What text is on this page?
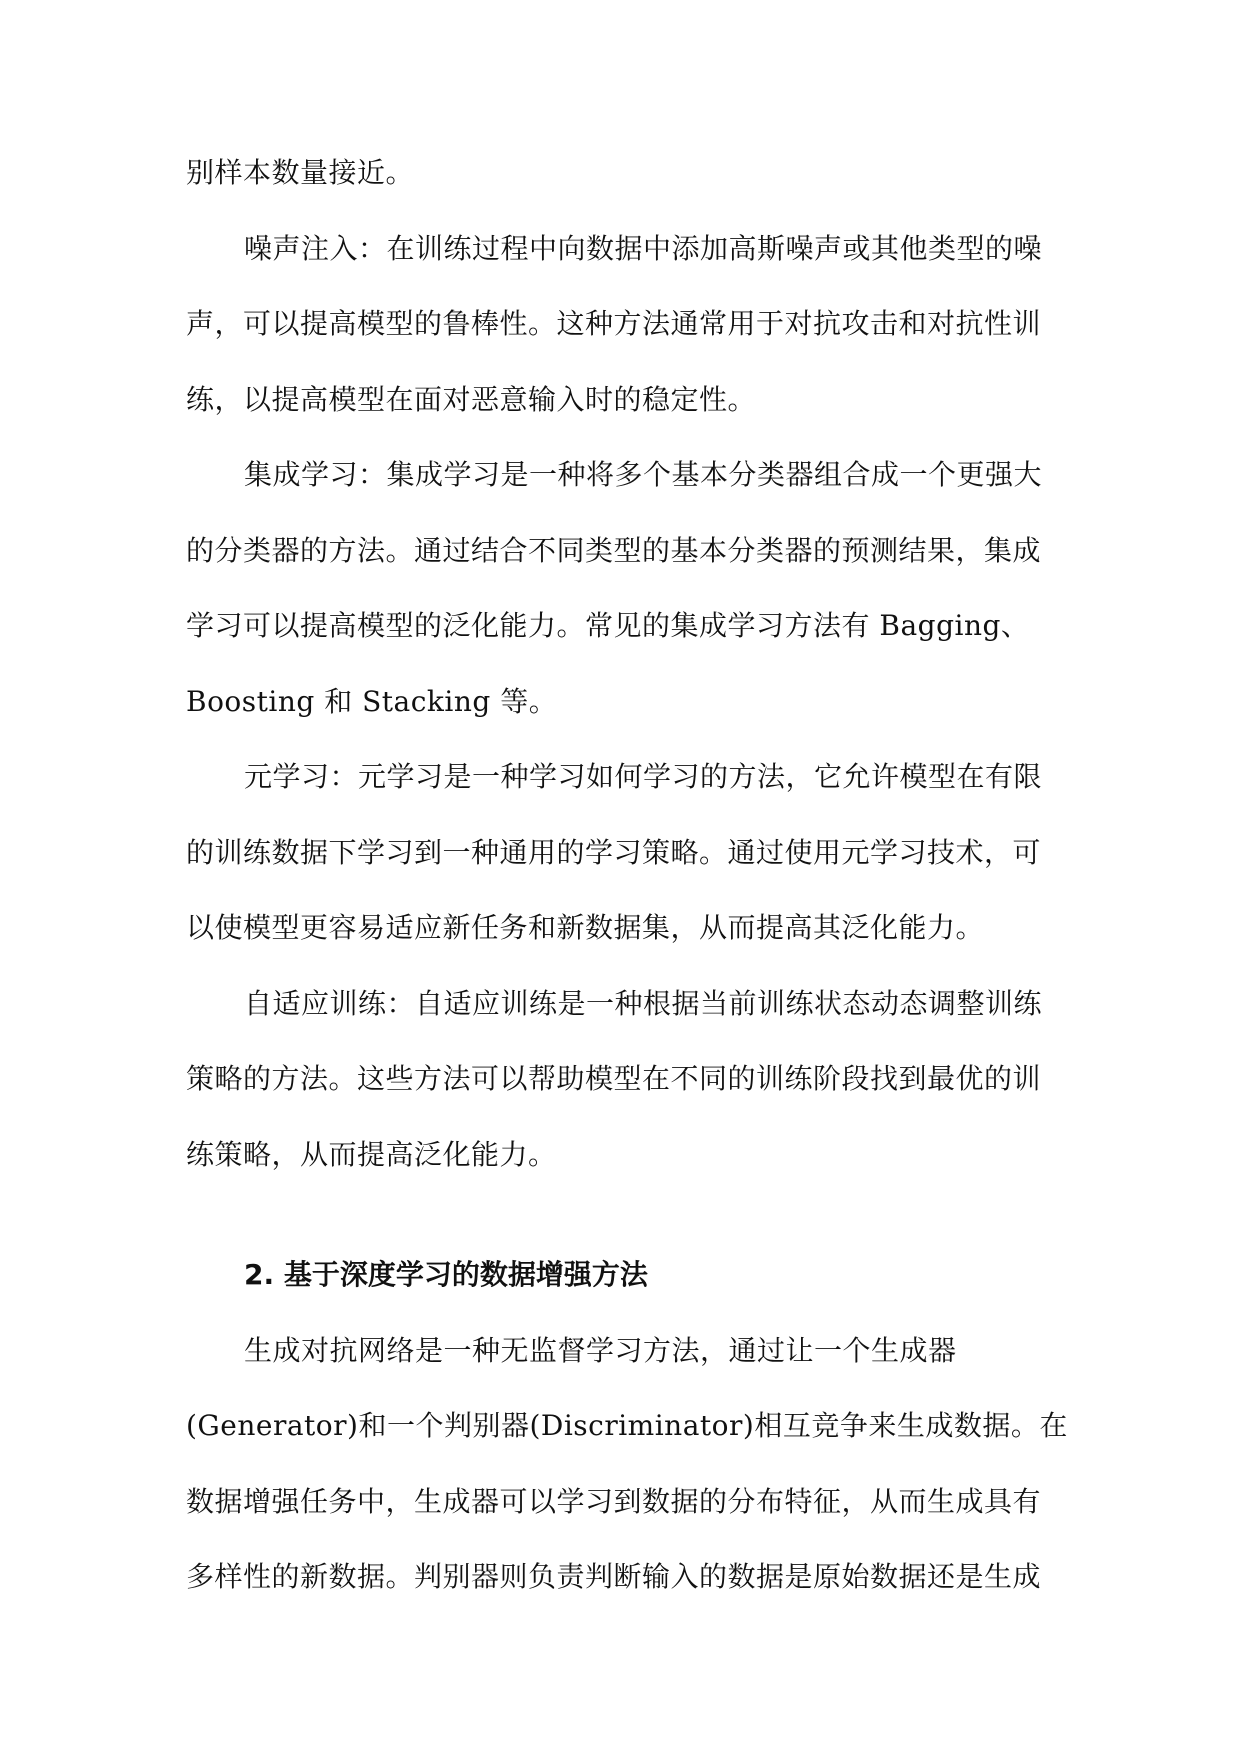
别样本数量接近。
噪声注入：在训练过程中向数据中添加高斯噪声或其他类型的噪
声，可以提高模型的鲁棒性。这种方法通常用于对抗攻击和对抗性训
练，以提高模型在面对恶意输入时的稳定性。
集成学习：集成学习是一种将多个基本分类器组合成一个更强大
的分类器的方法。通过结合不同类型的基本分类器的预测结果，集成
学习可以提高模型的泛化能力。常见的集成学习方法有 Bagging、
Boosting 和 Stacking 等。
元学习：元学习是一种学习如何学习的方法，它允许模型在有限
的训练数据下学习到一种通用的学习策略。通过使用元学习技术，可
以使模型更容易适应新任务和新数据集，从而提高其泛化能力。
自适应训练：自适应训练是一种根据当前训练状态动态调整训练
策略的方法。这些方法可以帮助模型在不同的训练阶段找到最优的训
练策略，从而提高泛化能力。
2. 基于深度学习的数据增强方法
生成对抗网络是一种无监督学习方法，通过让一个生成器
(Generator)和一个判别器(Discriminator)相互竞争来生成数据。在
数据增强任务中，生成器可以学习到数据的分布特征，从而生成具有
多样性的新数据。判别器则负责判断输入的数据是原始数据还是生成
